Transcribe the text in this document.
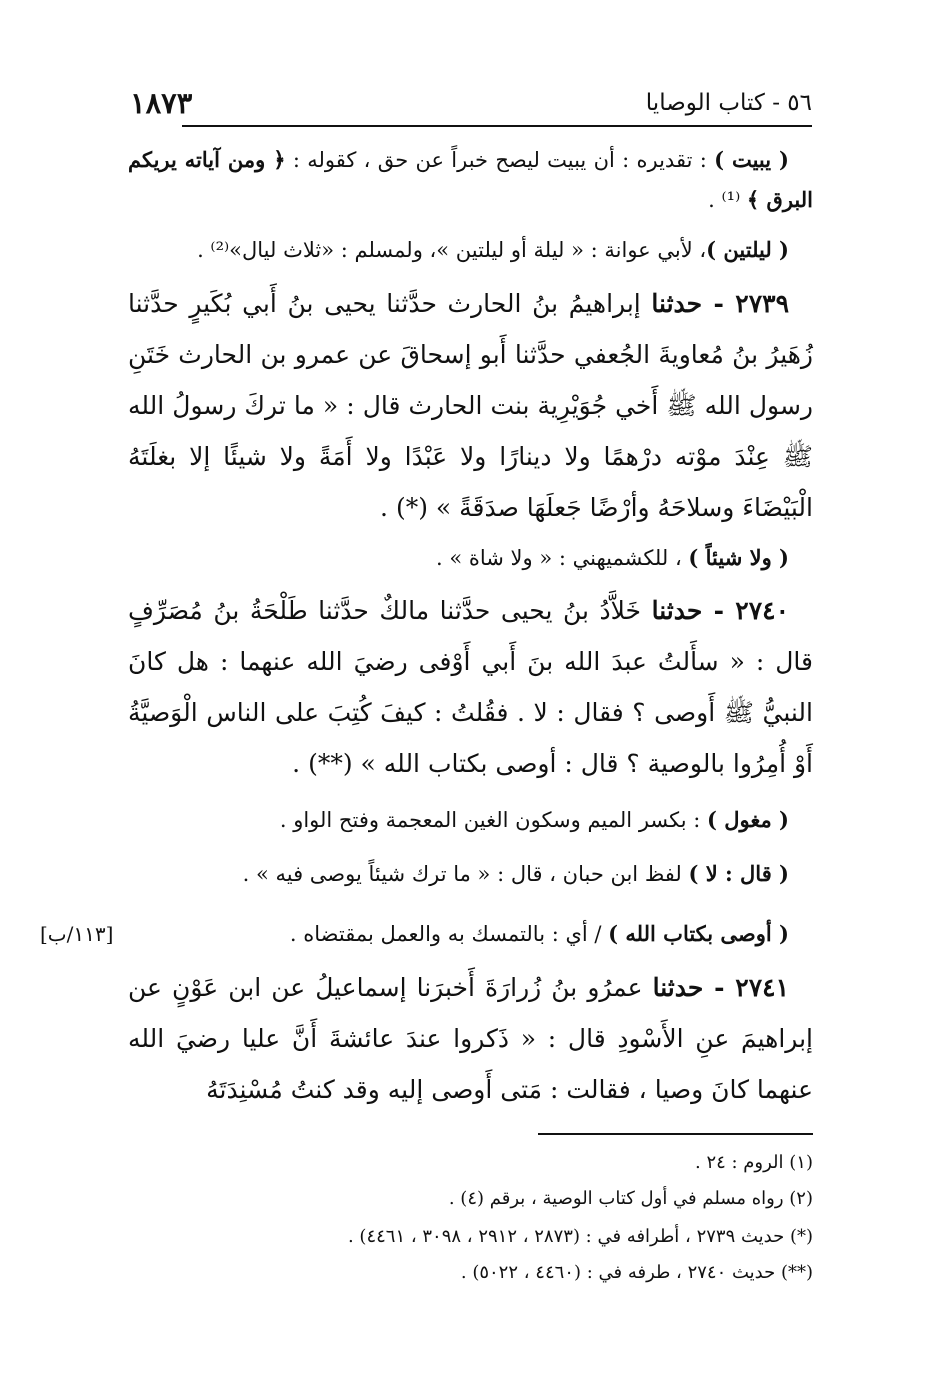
١٨٧٣	٥٦ - كتاب الوصايا
( يبيت ) : تقديره : أن يبيت ليصح خبراً عن حق ، كقوله : ﴿ ومن آياته يريكم البرق ﴾ ⁽¹⁾ .
( ليلتين )، لأبي عوانة : « ليلة أو ليلتين »، ولمسلم : «ثلاث ليال»⁽²⁾ .
٢٧٣٩ - حدثنا إبراهيمُ بنُ الحارث حدَّثنا يحيى بنُ أَبي بُكَيرٍ حدَّثنا زُهَيرُ بنُ مُعاويةَ الجُعفي حدَّثنا أَبو إسحاقَ عن عمرو بن الحارث خَتَنِ رسول الله ﷺ أَخي جُوَيْرِية بنت الحارث قال : « ما تركَ رسولُ الله ﷺ عِنْدَ موْته درْهمًا ولا دينارًا ولا عَبْدًا ولا أَمَةً ولا شيئًا إلا بغلَتَهُ الْبَيْضَاءَ وسلاحَهُ وأرْضًا جَعلَهَا صدَقَةً » (*) .
( ولا شيئاً ) ، للكشميهني : « ولا شاة » .
٢٧٤٠ - حدثنا خَلاَّدُ بنُ يحيى حدَّثنا مالكٌ حدَّثنا طَلْحَةُ بنُ مُصَرِّفٍ قال : « سأَلتُ عبدَ الله بنَ أَبي أَوْفى رضيَ الله عنهما : هل كانَ النبيُّ ﷺ أَوصى ؟ فقال : لا . فقُلتُ : كيفَ كُتِبَ على الناس الْوَصيَّةُ أَوْ أُمِرُوا بالوصية ؟ قال : أوصى بكتاب الله » (**) .
( مغول ) : بكسر الميم وسكون الغين المعجمة وفتح الواو .
( قال : لا ) لفظ ابن حبان ، قال : « ما ترك شيئاً يوصى فيه » .
( أوصى بكتاب الله ) / أي : بالتمسك به والعمل بمقتضاه .
[١١٣/ب]
٢٧٤١ - حدثنا عمرُو بنُ زُرارَةَ أَخبرَنا إسماعيلُ عن ابن عَوْنٍ عن إبراهيمَ عنِ الأَسْودِ قال : « ذَكروا عندَ عائشةَ أَنَّ عليا رضيَ الله عنهما كانَ وصيا ، فقالت : مَتى أَوصى إليه وقد كنتُ مُسْنِدَتَهُ
(١) الروم : ٢٤ .
(٢) رواه مسلم في أول كتاب الوصية ، برقم (٤) .
(*) حديث ٢٧٣٩ ، أطرافه في : (٢٨٧٣ ، ٢٩١٢ ، ٣٠٩٨ ، ٤٤٦١) .
(**) حديث ٢٧٤٠ ، طرفه في : (٤٤٦٠ ، ٥٠٢٢) .
